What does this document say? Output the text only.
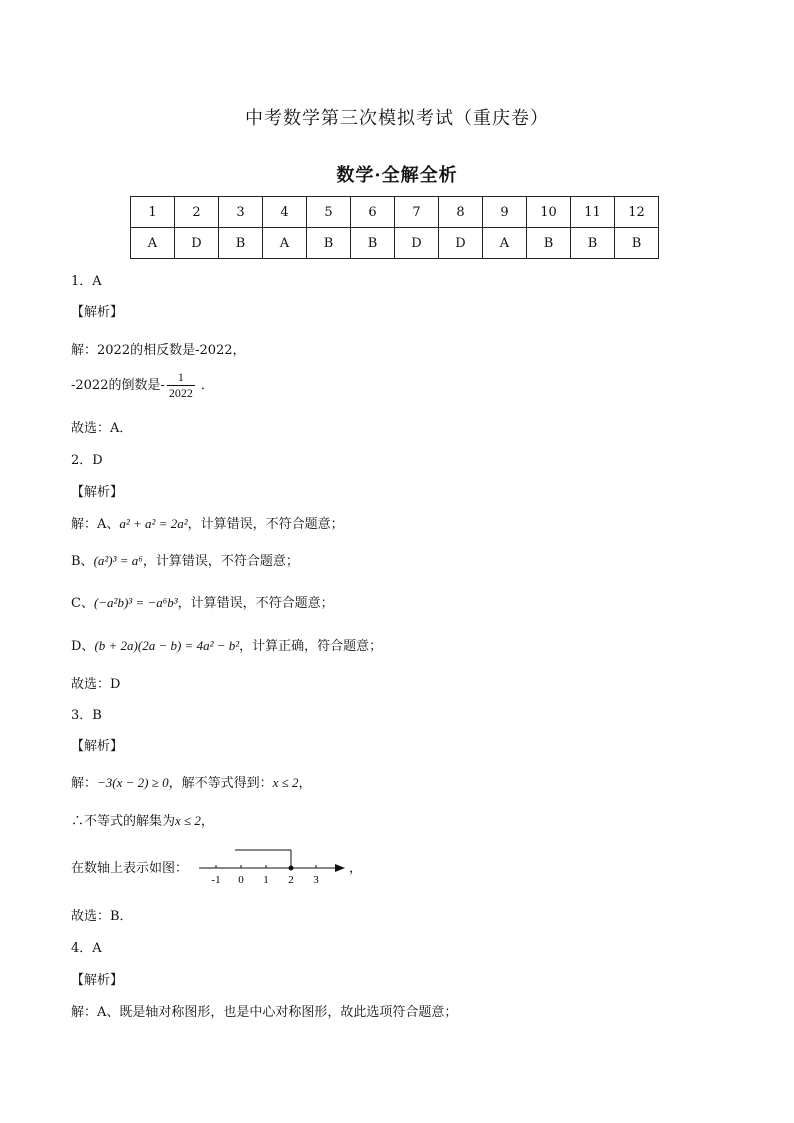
中考数学第三次模拟考试（重庆卷）
数学·全解全析
1	2	3	4	5	6	7	8	9	10	11	12
A	D	B	A	B	B	D	D	A	B	B	B
1．A
【解析】
解：2022的相反数是-2022，
-2022的倒数是- $\frac{1}{2022}$ ．
故选：A．
2．D
【解析】
解：A、a² + a² = 2a²，计算错误，不符合题意；
B、(a²)³ = a⁶，计算错误，不符合题意；
C、(−a²b)³ = −a⁶b³，计算错误，不符合题意；
D、(b + 2a)(2a − b) = 4a² − b²，计算正确，符合题意；
故选：D
3．B
【解析】
解：−3(x − 2) ≥ 0，解不等式得到：x ≤ 2，
∴不等式的解集为x ≤ 2，
在数轴上表示如图：	，
-1 0 1 2 3
故选：B．
4．A
【解析】
解：A、既是轴对称图形，也是中心对称图形，故此选项符合题意；
